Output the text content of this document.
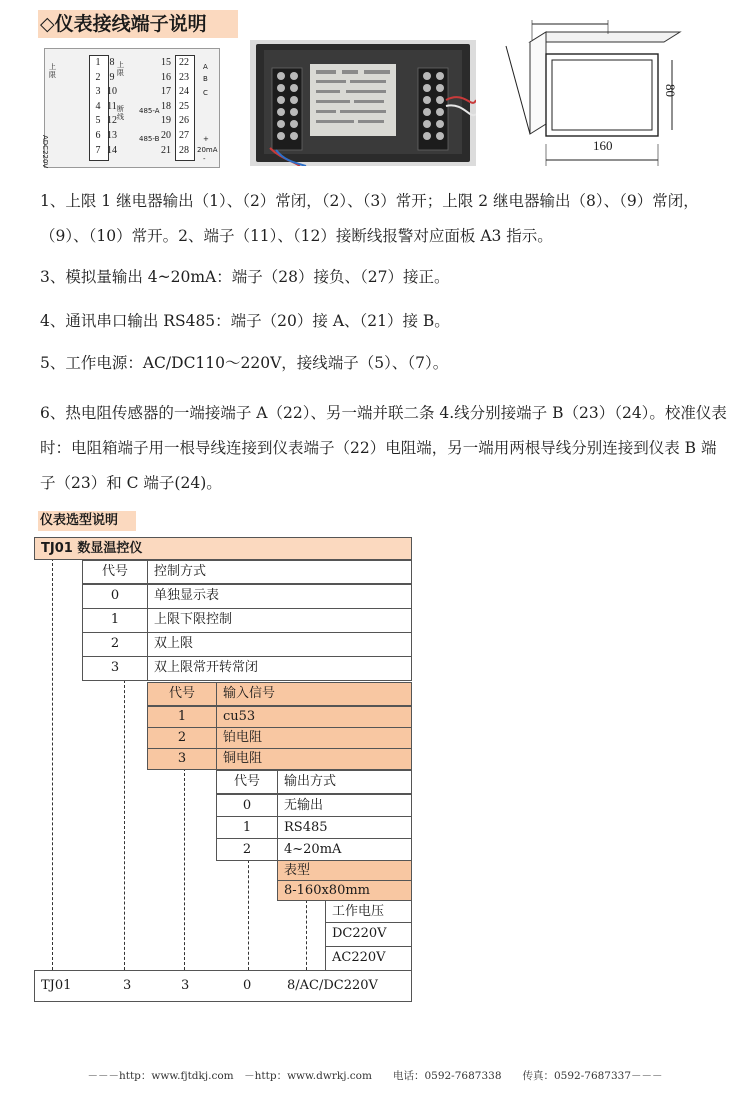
◇仪表接线端子说明
1
2
3
4
5
6
7
8
9
10
11
12
13
14
15
16
17
18
19
20
21
22
23
24
25
26
27
28
上限
上限
断线
ADC220V
485-A
485-B
20mA
A
B
C
+
-
160
80

1、上限 1 继电器输出（1）、（2）常闭，（2）、（3）常开；上限 2 继电器输出（8）、（9）常闭，（9）、（10）常开。2、端子（11）、（12）接断线报警对应面板 A3 指示。

3、模拟量输出 4~20mA：端子（28）接负、（27）接正。

4、通讯串口输出 RS485：端子（20）接 A、（21）接 B。

5、工作电源：AC/DC110～220V，接线端子（5）、（7）。

6、热电阻传感器的一端接端子 A（22）、另一端并联二条 4.线分别接端子 B（23）（24）。校准仪表时：电阻箱端子用一根导线连接到仪表端子（22）电阻端，另一端用两根导线分别连接到仪表 B 端子（23）和 C 端子(24)。

仪表选型说明
TJ01 数显温控仪
代号	控制方式
0	单独显示表
1	上限下限控制
2	双上限
3	双上限常开转常闭
代号	输入信号
1	cu53
2	铂电阻
3	铜电阻
代号	输出方式
0	无输出
1	RS485
2	4~20mA
表型
8-160x80mm
工作电压
DC220V
AC220V
TJ01	3	3	0	8/AC/DC220V
－－－http：www.fjtdkj.com　－http：www.dwrkj.com　　电话：0592-7687338　　传真：0592-7687337－－－
